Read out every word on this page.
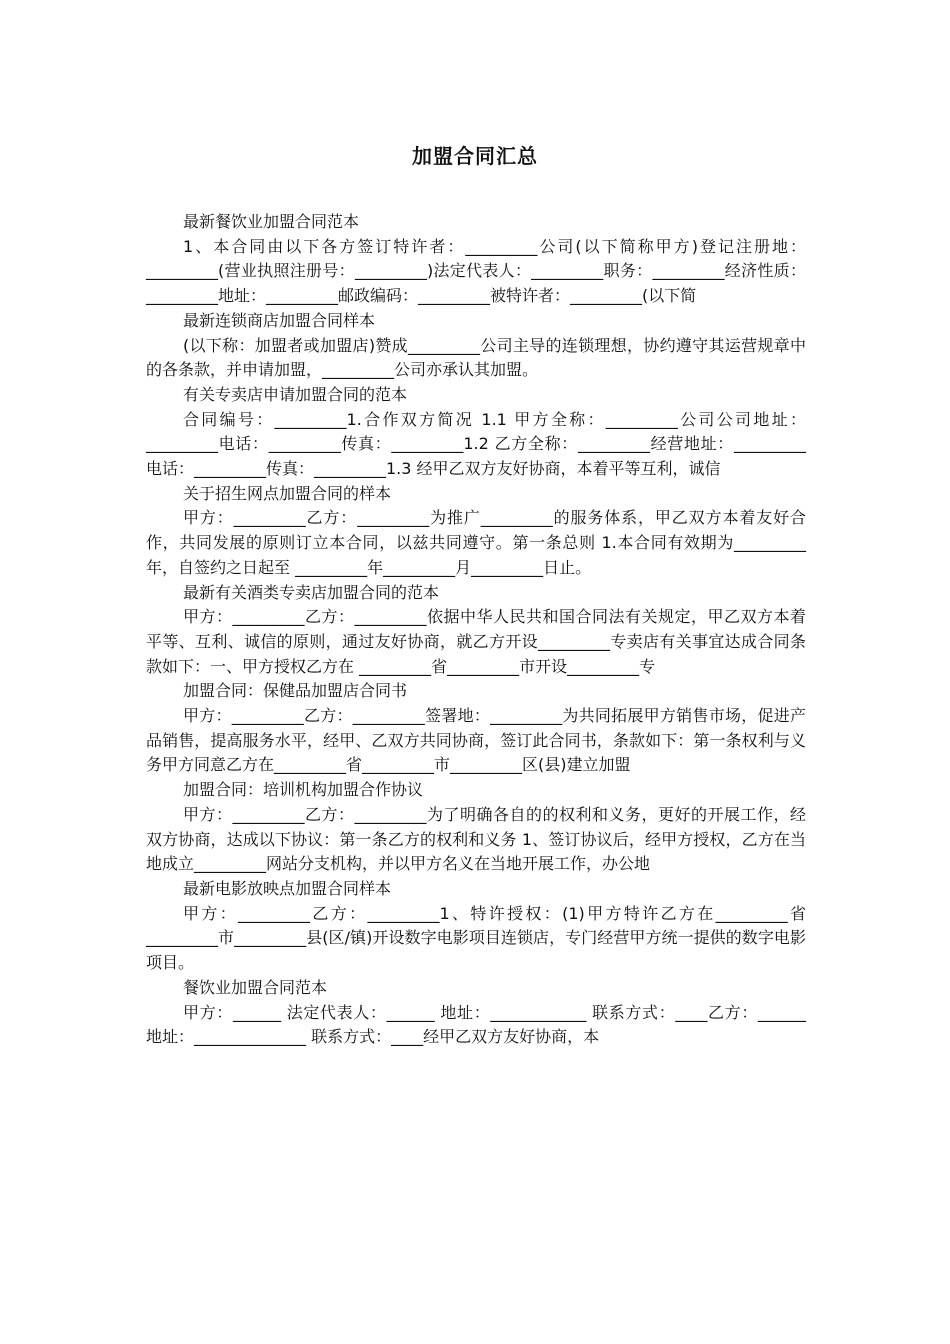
加盟合同汇总
最新餐饮业加盟合同范本
1、本合同由以下各方签订特许者：_________公司(以下简称甲方)登记注册地：_________(营业执照注册号：_________)法定代表人：_________职务：_________经济性质：_________地址：_________邮政编码：_________被特许者：_________(以下简
最新连锁商店加盟合同样本
(以下称：加盟者或加盟店)赞成_________公司主导的连锁理想，协约遵守其运营规章中的各条款，并申请加盟，_________公司亦承认其加盟。
有关专卖店申请加盟合同的范本
合同编号：_________1.合作双方简况 1.1 甲方全称：_________公司公司地址：_________电话：_________传真：_________1.2 乙方全称：_________经营地址：_________电话：_________传真：_________1.3 经甲乙双方友好协商，本着平等互利，诚信
关于招生网点加盟合同的样本
甲方：_________乙方：_________为推广_________的服务体系，甲乙双方本着友好合作，共同发展的原则订立本合同，以兹共同遵守。第一条总则 1.本合同有效期为_________年，自签约之日起至 _________年_________月_________日止。
最新有关酒类专卖店加盟合同的范本
甲方：_________乙方：_________依据中华人民共和国合同法有关规定，甲乙双方本着平等、互利、诚信的原则，通过友好协商，就乙方开设_________专卖店有关事宜达成合同条款如下：一、甲方授权乙方在 _________省_________市开设_________专
加盟合同：保健品加盟店合同书
甲方：_________乙方：_________签署地：_________为共同拓展甲方销售市场，促进产品销售，提高服务水平，经甲、乙双方共同协商，签订此合同书，条款如下：第一条权利与义务甲方同意乙方在_________省_________市_________区(县)建立加盟
加盟合同：培训机构加盟合作协议
甲方：_________乙方：_________为了明确各自的的权利和义务，更好的开展工作，经双方协商，达成以下协议：第一条乙方的权利和义务 1、签订协议后，经甲方授权，乙方在当地成立_________网站分支机构，并以甲方名义在当地开展工作，办公地
最新电影放映点加盟合同样本
甲方：_________乙方：_________1、特许授权：(1)甲方特许乙方在_________省_________市_________县(区/镇)开设数字电影项目连锁店，专门经营甲方统一提供的数字电影项目。
餐饮业加盟合同范本
甲方：______ 法定代表人：______ 地址：____________ 联系方式：____乙方：______ 地址：______________ 联系方式：____经甲乙双方友好协商，本
